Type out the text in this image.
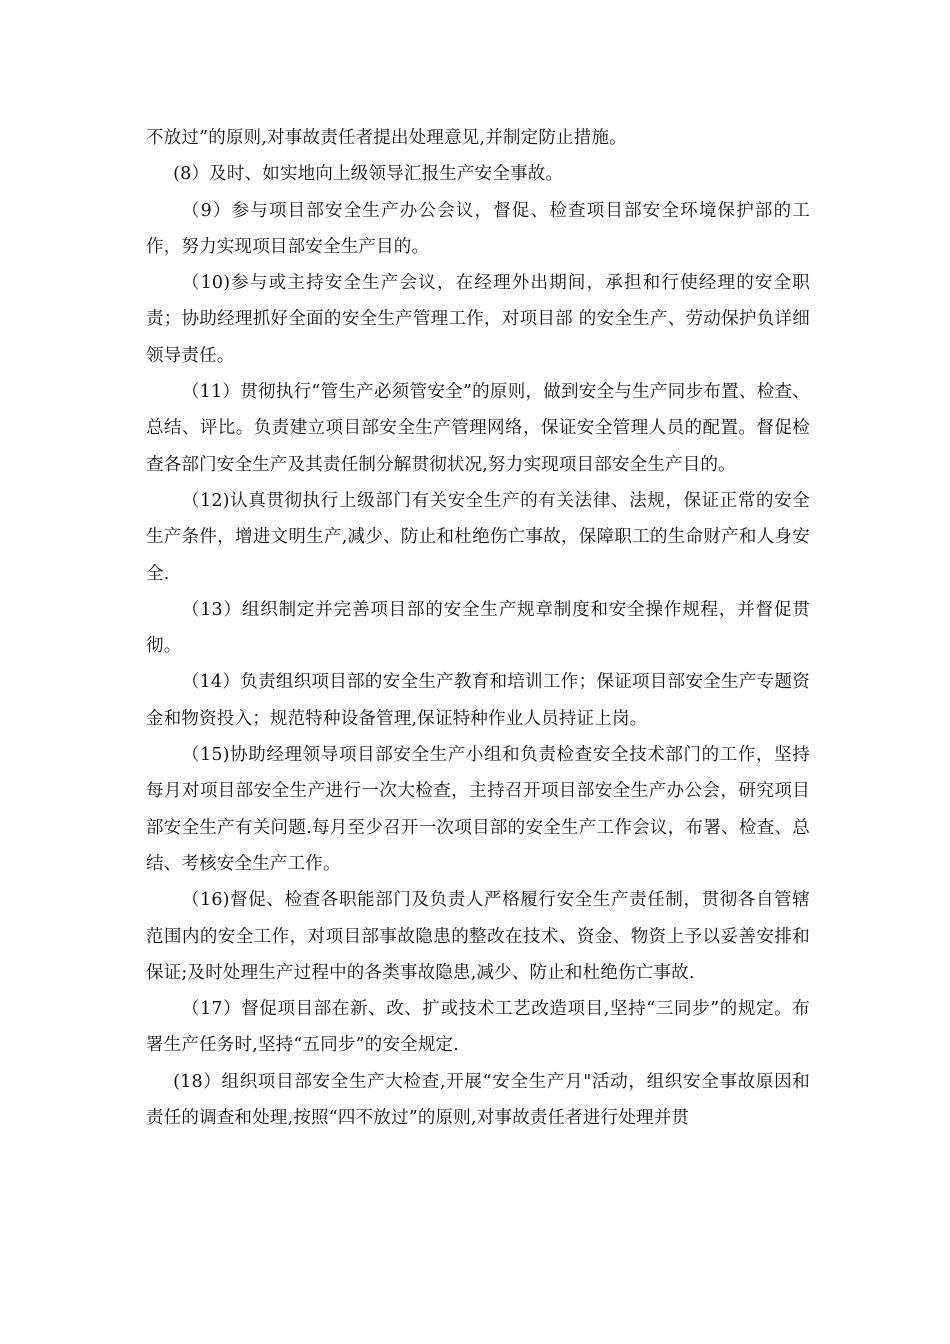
不放过”的原则,对事故责任者提出处理意见,并制定防止措施。

(8）及时、如实地向上级领导汇报生产安全事故。

（9）参与项目部安全生产办公会议，督促、检查项目部安全环境保护部的工作，努力实现项目部安全生产目的。

（10)参与或主持安全生产会议，在经理外出期间，承担和行使经理的安全职责；协助经理抓好全面的安全生产管理工作，对项目部 的安全生产、劳动保护负详细领导责任。

（11）贯彻执行“管生产必须管安全”的原则，做到安全与生产同步布置、检查、总结、评比。负责建立项目部安全生产管理网络，保证安全管理人员的配置。督促检查各部门安全生产及其责任制分解贯彻状况,努力实现项目部安全生产目的。

（12)认真贯彻执行上级部门有关安全生产的有关法律、法规，保证正常的安全生产条件，增进文明生产,减少、防止和杜绝伤亡事故，保障职工的生命财产和人身安全.

（13）组织制定并完善项目部的安全生产规章制度和安全操作规程，并督促贯彻。

（14）负责组织项目部的安全生产教育和培训工作；保证项目部安全生产专题资金和物资投入；规范特种设备管理,保证特种作业人员持证上岗。

（15)协助经理领导项目部安全生产小组和负责检查安全技术部门的工作，坚持每月对项目部安全生产进行一次大检查，主持召开项目部安全生产办公会，研究项目部安全生产有关问题.每月至少召开一次项目部的安全生产工作会议，布署、检查、总结、考核安全生产工作。

（16)督促、检查各职能部门及负责人严格履行安全生产责任制，贯彻各自管辖范围内的安全工作，对项目部事故隐患的整改在技术、资金、物资上予以妥善安排和保证;及时处理生产过程中的各类事故隐患,减少、防止和杜绝伤亡事故.

（17）督促项目部在新、改、扩或技术工艺改造项目,坚持“三同步”的规定。布署生产任务时,坚持“五同步”的安全规定.

(18）组织项目部安全生产大检查,开展“安全生产月"活动，组织安全事故原因和责任的调查和处理,按照“四不放过”的原则,对事故责任者进行处理并贯
